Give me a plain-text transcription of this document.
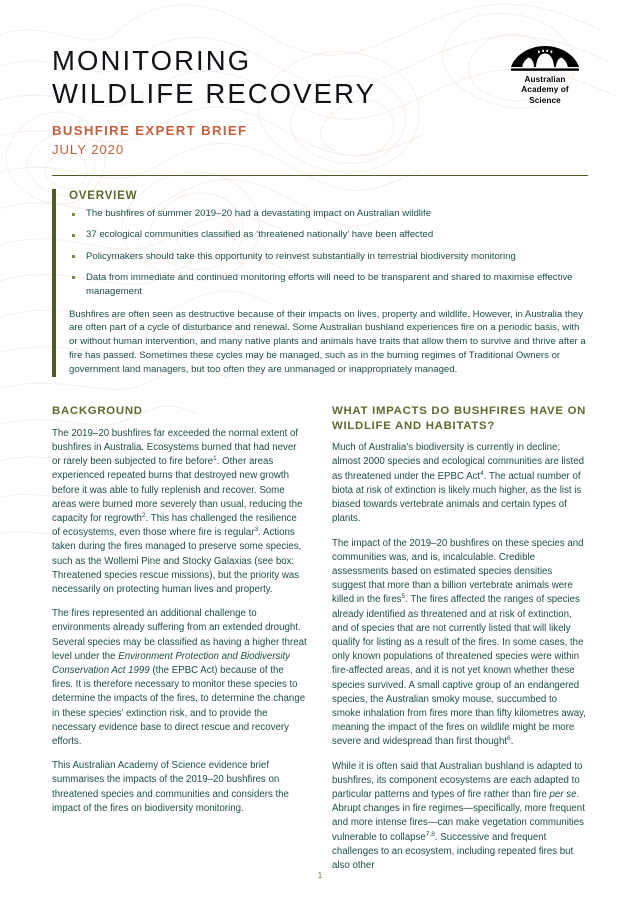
MONITORING
WILDLIFE RECOVERY
BUSHFIRE EXPERT BRIEF
JULY 2020
Australian
Academy of
Science
OVERVIEW
The bushfires of summer 2019–20 had a devastating impact on Australian wildlife
37 ecological communities classified as ‘threatened nationally’ have been affected
Policymakers should take this opportunity to reinvest substantially in terrestrial biodiversity monitoring
Data from immediate and continued monitoring efforts will need to be transparent and shared to maximise effective management

Bushfires are often seen as destructive because of their impacts on lives, property and wildlife. However, in Australia they are often part of a cycle of disturbance and renewal. Some Australian bushland experiences fire on a periodic basis, with or without human intervention, and many native plants and animals have traits that allow them to survive and thrive after a fire has passed. Sometimes these cycles may be managed, such as in the burning regimes of Traditional Owners or government land managers, but too often they are unmanaged or inappropriately managed.

BACKGROUND

The 2019–20 bushfires far exceeded the normal extent of bushfires in Australia. Ecosystems burned that had never or rarely been subjected to fire before$^1$. Other areas experienced repeated burns that destroyed new growth before it was able to fully replenish and recover. Some areas were burned more severely than usual, reducing the capacity for regrowth$^2$. This has challenged the resilience of ecosystems, even those where fire is regular$^3$. Actions taken during the fires managed to preserve some species, such as the Wollemi Pine and Stocky Galaxias (see box: Threatened species rescue missions), but the priority was necessarily on protecting human lives and property.

The fires represented an additional challenge to environments already suffering from an extended drought. Several species may be classified as having a higher threat level under the Environment Protection and Biodiversity Conservation Act 1999 (the EPBC Act) because of the fires. It is therefore necessary to monitor these species to determine the impacts of the fires, to determine the change in these species’ extinction risk, and to provide the necessary evidence base to direct rescue and recovery efforts.

This Australian Academy of Science evidence brief summarises the impacts of the 2019–20 bushfires on threatened species and communities and considers the impact of the fires on biodiversity monitoring.

WHAT IMPACTS DO BUSHFIRES HAVE ON WILDLIFE AND HABITATS?

Much of Australia’s biodiversity is currently in decline; almost 2000 species and ecological communities are listed as threatened under the EPBC Act$^4$. The actual number of biota at risk of extinction is likely much higher, as the list is biased towards vertebrate animals and certain types of plants.

The impact of the 2019–20 bushfires on these species and communities was, and is, incalculable. Credible assessments based on estimated species densities suggest that more than a billion vertebrate animals were killed in the fires$^5$. The fires affected the ranges of species already identified as threatened and at risk of extinction, and of species that are not currently listed that will likely qualify for listing as a result of the fires. In some cases, the only known populations of threatened species were within fire-affected areas, and it is not yet known whether these species survived. A small captive group of an endangered species, the Australian smoky mouse, succumbed to smoke inhalation from fires more than fifty kilometres away, meaning the impact of the fires on wildlife might be more severe and widespread than first thought$^6$.

While it is often said that Australian bushland is adapted to bushfires, its component ecosystems are each adapted to particular patterns and types of fire rather than fire per se. Abrupt changes in fire regimes—specifically, more frequent and more intense fires—can make vegetation communities vulnerable to collapse$^{7,8}$. Successive and frequent challenges to an ecosystem, including repeated fires but also other

1
